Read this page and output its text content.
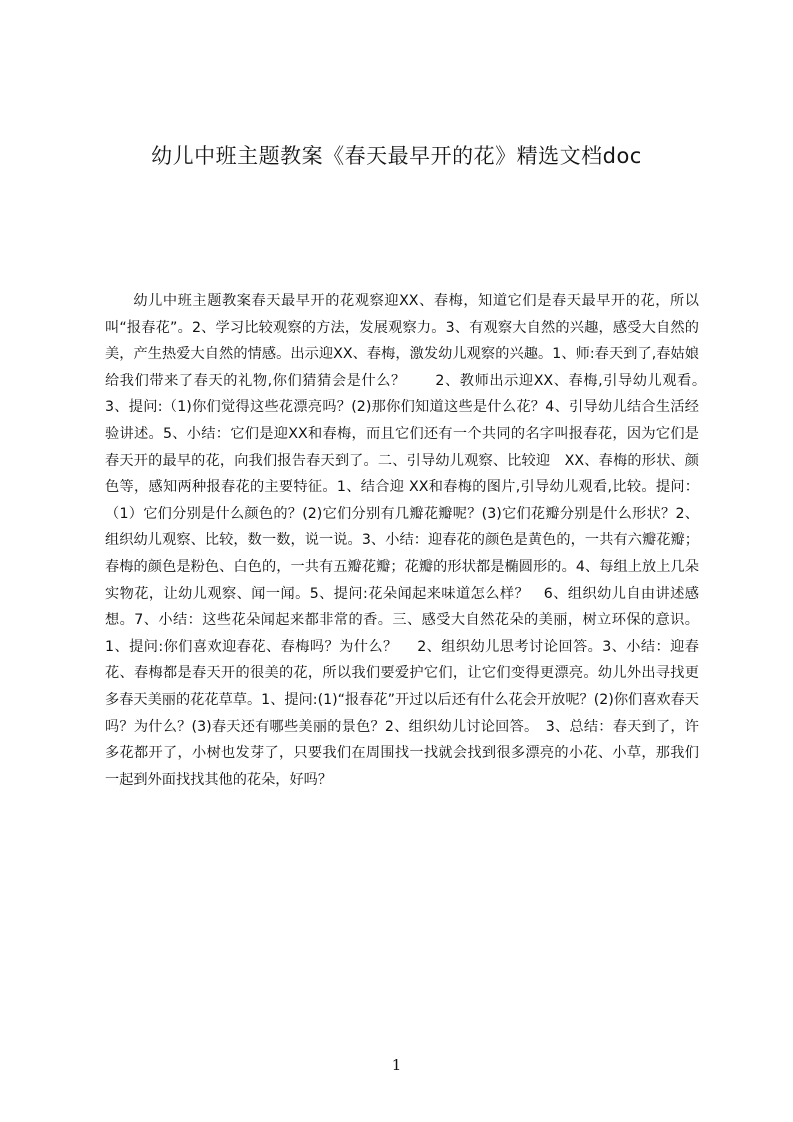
幼儿中班主题教案《春天最早开的花》精选文档doc

幼儿中班主题教案春天最早开的花观察迎XX、春梅，知道它们是春天最早开的花，所以叫“报春花”。2、学习比较观察的方法，发展观察力。3、有观察大自然的兴趣，感受大自然的美，产生热爱大自然的情感。出示迎XX、春梅，激发幼儿观察的兴趣。1、师:春天到了,春姑娘给我们带来了春天的礼物,你们猜猜会是什么？　　2、教师出示迎XX、春梅,引导幼儿观看。　3、提问:（1)你们觉得这些花漂亮吗？(2)那你们知道这些是什么花？4、引导幼儿结合生活经验讲述。5、小结：它们是迎XX和春梅，而且它们还有一个共同的名字叫报春花，因为它们是春天开的最早的花，向我们报告春天到了。二、引导幼儿观察、比较迎　XX、春梅的形状、颜色等，感知两种报春花的主要特征。1、结合迎 XX和春梅的图片,引导幼儿观看,比较。提问：（1）它们分别是什么颜色的？(2)它们分别有几瓣花瓣呢？(3)它们花瓣分别是什么形状？2、组织幼儿观察、比较，数一数，说一说。3、小结：迎春花的颜色是黄色的，一共有六瓣花瓣；春梅的颜色是粉色、白色的，一共有五瓣花瓣；花瓣的形状都是椭圆形的。4、每组上放上几朵实物花，让幼儿观察、闻一闻。5、提问:花朵闻起来味道怎么样？　6、组织幼儿自由讲述感想。7、小结：这些花朵闻起来都非常的香。三、感受大自然花朵的美丽，树立环保的意识。1、提问:你们喜欢迎春花、春梅吗？为什么？　 2、组织幼儿思考讨论回答。3、小结：迎春花、春梅都是春天开的很美的花，所以我们要爱护它们，让它们变得更漂亮。幼儿外出寻找更多春天美丽的花花草草。1、提问:(1)“报春花”开过以后还有什么花会开放呢？(2)你们喜欢春天吗？为什么？(3)春天还有哪些美丽的景色？2、组织幼儿讨论回答。　3、总结：春天到了，许多花都开了，小树也发芽了，只要我们在周围找一找就会找到很多漂亮的小花、小草，那我们一起到外面找找其他的花朵，好吗？

1
